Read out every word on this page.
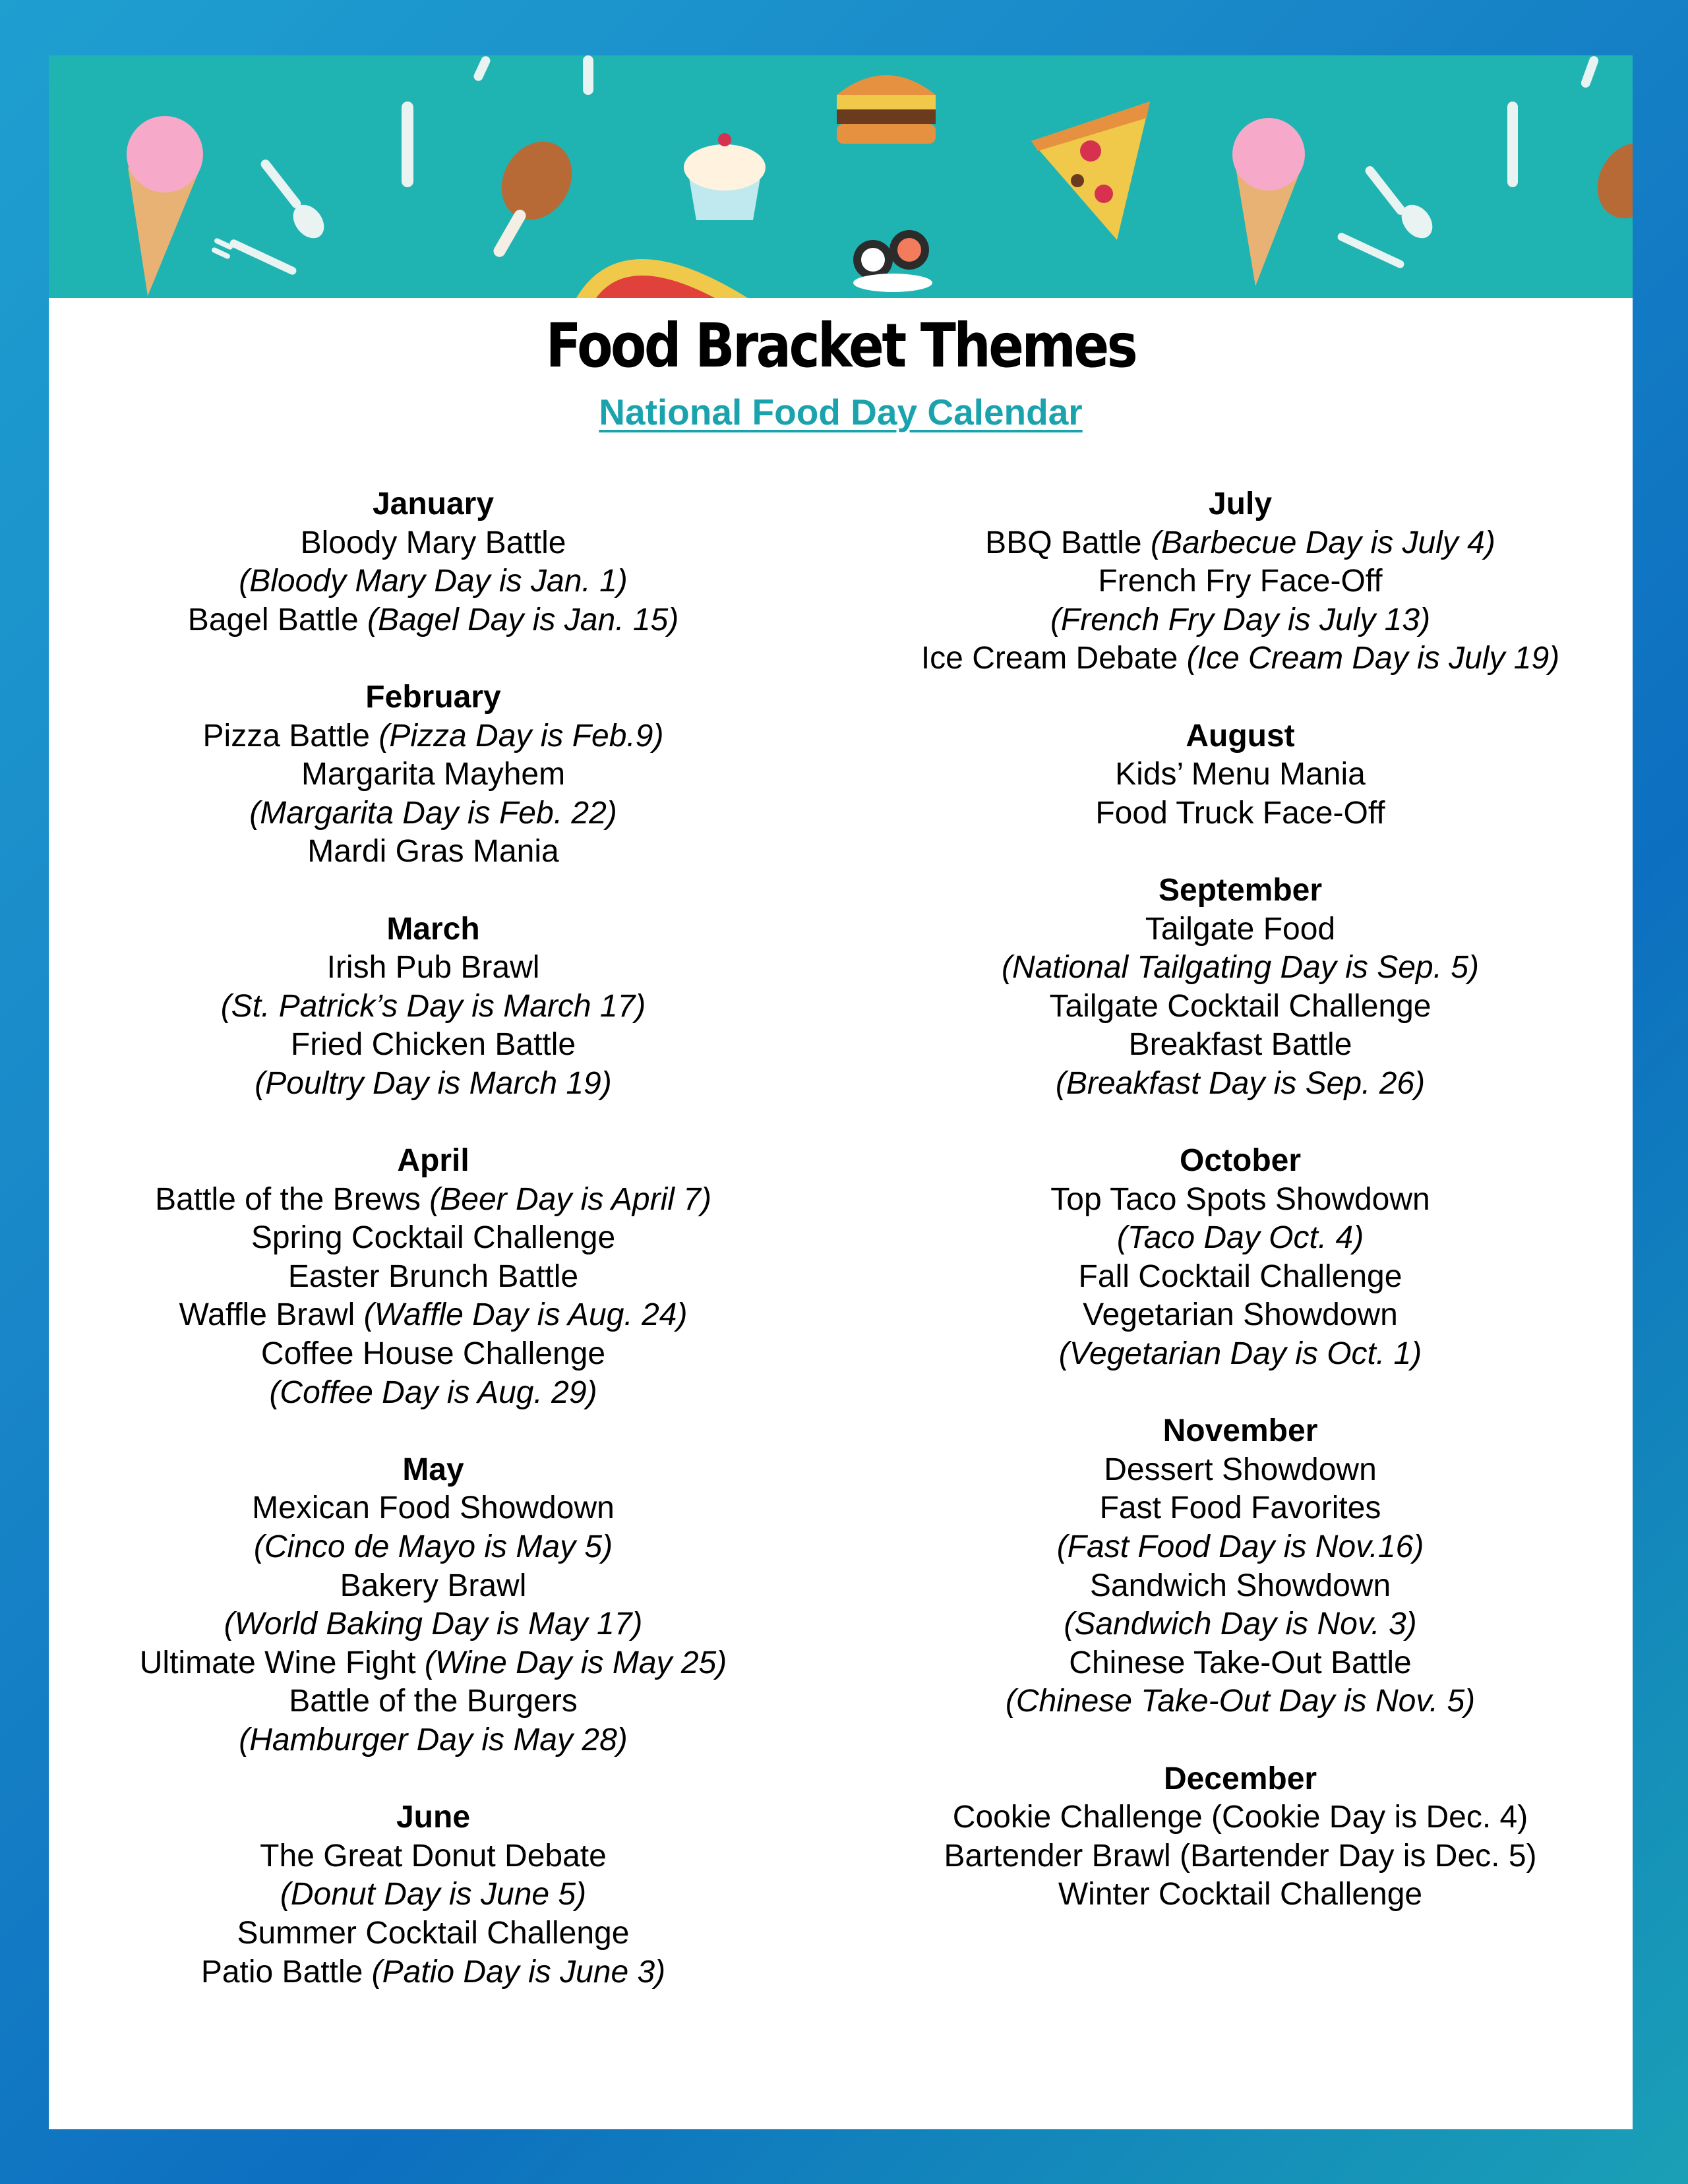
Food Bracket Themes
National Food Day Calendar
January
Bloody Mary Battle
(Bloody Mary Day is Jan. 1)
Bagel Battle (Bagel Day is Jan. 15)
February
Pizza Battle (Pizza Day is Feb.9)
Margarita Mayhem
(Margarita Day is Feb. 22)
Mardi Gras Mania
March
Irish Pub Brawl
(St. Patrick’s Day is March 17)
Fried Chicken Battle
(Poultry Day is March 19)
April
Battle of the Brews (Beer Day is April 7)
Spring Cocktail Challenge
Easter Brunch Battle
Waffle Brawl (Waffle Day is Aug. 24)
Coffee House Challenge
(Coffee Day is Aug. 29)
May
Mexican Food Showdown
(Cinco de Mayo is May 5)
Bakery Brawl
(World Baking Day is May 17)
Ultimate Wine Fight (Wine Day is May 25)
Battle of the Burgers
(Hamburger Day is May 28)
June
The Great Donut Debate
(Donut Day is June 5)
Summer Cocktail Challenge
Patio Battle (Patio Day is June 3)
July
BBQ Battle (Barbecue Day is July 4)
French Fry Face-Off
(French Fry Day is July 13)
Ice Cream Debate (Ice Cream Day is July 19)
August
Kids’ Menu Mania
Food Truck Face-Off
September
Tailgate Food
(National Tailgating Day is Sep. 5)
Tailgate Cocktail Challenge
Breakfast Battle
(Breakfast Day is Sep. 26)
October
Top Taco Spots Showdown
(Taco Day Oct. 4)
Fall Cocktail Challenge
Vegetarian Showdown
(Vegetarian Day is Oct. 1)
November
Dessert Showdown
Fast Food Favorites
(Fast Food Day is Nov.16)
Sandwich Showdown
(Sandwich Day is Nov. 3)
Chinese Take-Out Battle
(Chinese Take-Out Day is Nov. 5)
December
Cookie Challenge (Cookie Day is Dec. 4)
Bartender Brawl (Bartender Day is Dec. 5)
Winter Cocktail Challenge
